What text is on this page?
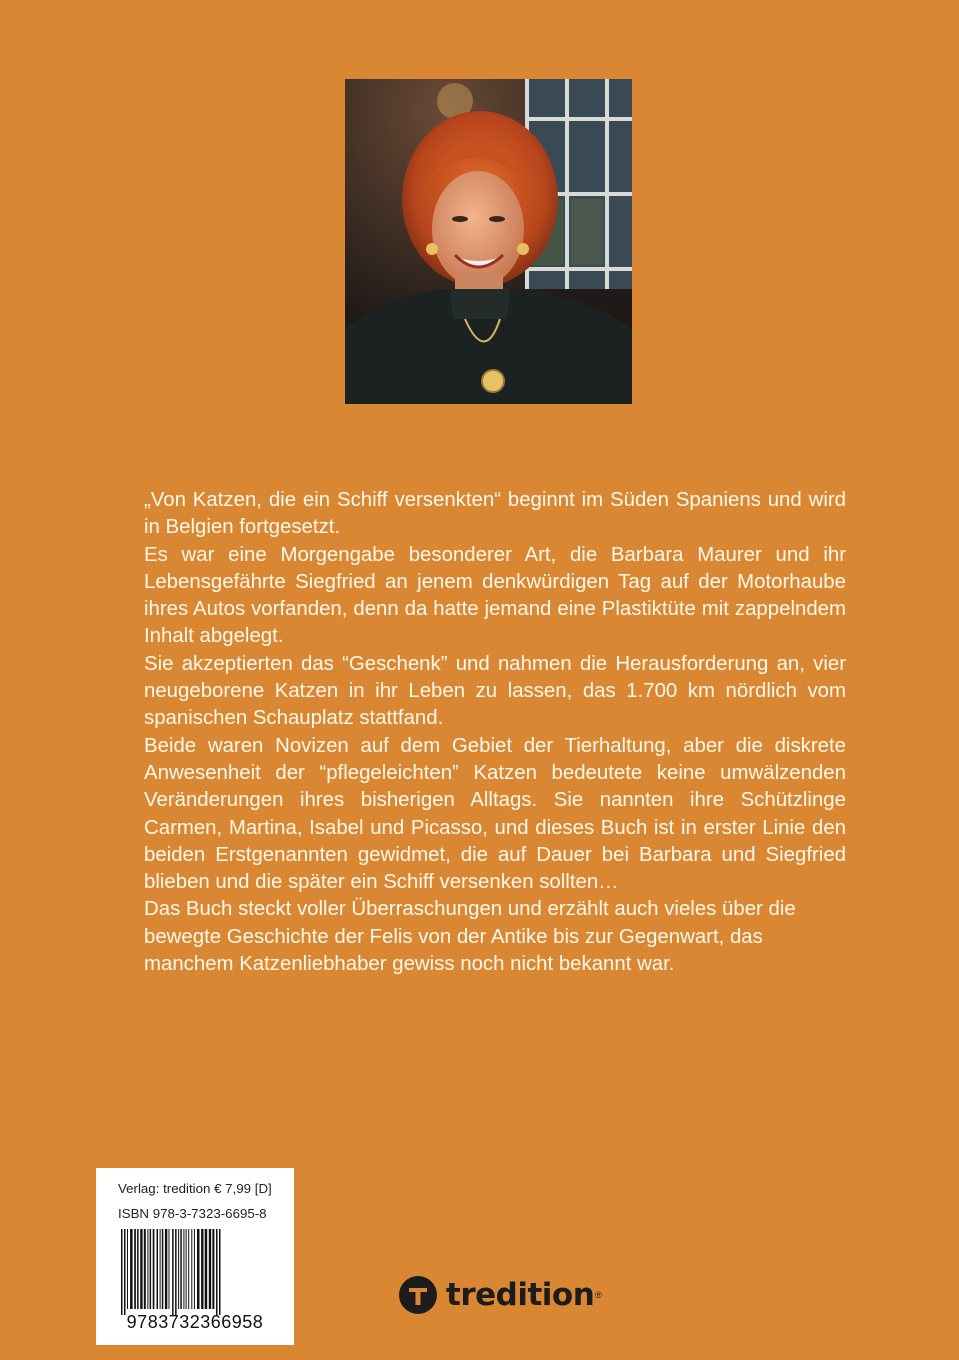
„Von Katzen, die ein Schiff versenkten“ beginnt im Süden Spaniens und wird in Belgien fortgesetzt.

Es war eine Morgengabe besonderer Art, die Barbara Maurer und ihr Lebensgefährte Siegfried an jenem denkwürdigen Tag auf der Motorhaube ihres Autos vorfanden, denn da hatte jemand eine Plastiktüte mit zappelndem Inhalt abgelegt.

Sie akzeptierten das “Geschenk” und nahmen die Herausforderung an, vier neugeborene Katzen in ihr Leben zu lassen, das 1.700 km nördlich vom spanischen Schauplatz stattfand.

Beide waren Novizen auf dem Gebiet der Tierhaltung, aber die diskrete Anwesenheit der “pflegeleichten” Katzen bedeutete keine umwälzenden Veränderungen ihres bisherigen Alltags. Sie nannten ihre Schützlinge Carmen, Martina, Isabel und Picasso, und dieses Buch ist in erster Linie den beiden Erstgenannten gewidmet, die auf Dauer bei Barbara und Siegfried blieben und die später ein Schiff versenken sollten…

Das Buch steckt voller Überraschungen und erzählt auch vieles über die bewegte Geschichte der Felis von der Antike bis zur Gegenwart, das manchem Katzenliebhaber gewiss noch nicht bekannt war.

Verlag: tredition € 7,99 [D]
ISBN 978-3-7323-6695-8
9783732366958
tredition ®
